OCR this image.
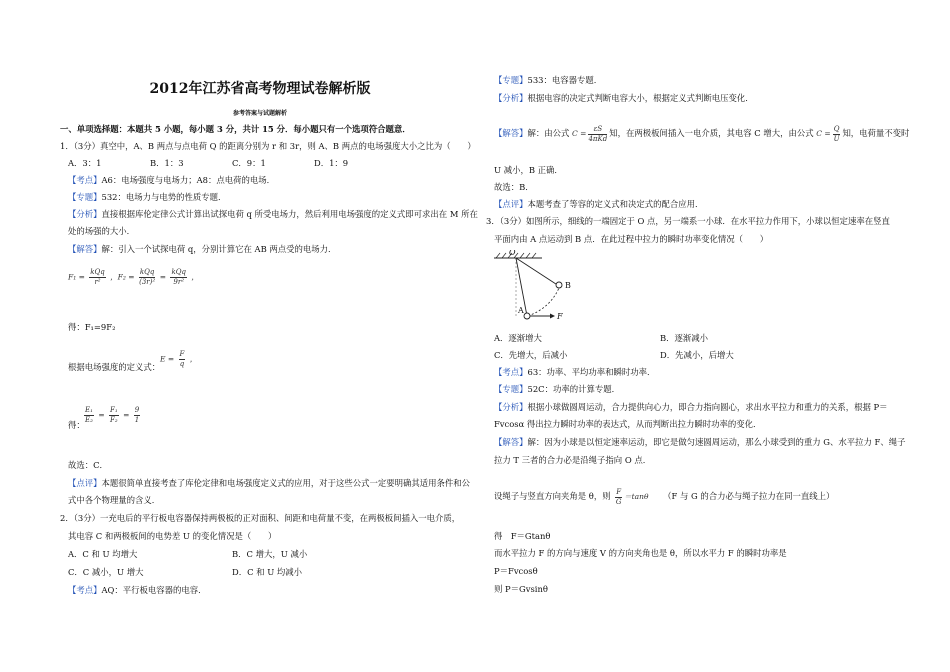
2012年江苏省高考物理试卷解析版
参考答案与试题解析
一、单项选择题：本题共 5 小题，每小题 3 分，共计 15 分．每小题只有一个选项符合题意．
1．（3分）真空中，A、B 两点与点电荷 Q 的距离分别为 r 和 3r，则 A、B 两点的电场强度大小之比为（　　）
A．3：1	B．1：3	C．9：1	D．1：9
【考点】A6：电场强度与电场力；A8：点电荷的电场．
【专题】532：电场力与电势的性质专题．
【分析】直接根据库伦定律公式计算出试探电荷 q 所受电场力，然后利用电场强度的定义式即可求出在 M 所在
处的场强的大小．
【解答】解：引入一个试探电荷 q，分别计算它在 AB 两点受的电场力．
$F_1 = \frac{\text{kQq}}{\text{r²}}$ ，$F_2 = \frac{\text{kQq}}{\text{(3r)²}} = \frac{\text{kQq}}{\text{9r²}}$ ，
得：F₁=9F₂
根据电场强度的定义式：
$E = \frac{F}{q}$ ，
$\frac{\text{E₁}}{\text{E₂}} = \frac{\text{F₁}}{\text{F₂}} = \frac{9}{1}$
得：
故选：C．
【点评】本题很简单直接考查了库伦定律和电场强度定义式的应用，对于这些公式一定要明确其适用条件和公
式中各个物理量的含义．
2．（3分）一充电后的平行板电容器保持两极板的正对面积、间距和电荷量不变，在两极板间插入一电介质，
其电容 C 和两极板间的电势差 U 的变化情况是（　　）
A．C 和 U 均增大	B．C 增大，U 减小
C．C 减小，U 增大	D．C 和 U 均减小
【考点】AQ：平行板电容器的电容．
【专题】533：电容器专题．
【分析】根据电容的决定式判断电容大小，根据定义式判断电压变化．
【解答】解：由公式 $C = \frac{\varepsilon S}{\text{4πKd}}$ 知，在两极板间插入一电介质，其电容 C 增大，由公式 $C = \frac{Q}{U}$ 知，电荷量不变时
U 减小，B 正确．
故选：B．
【点评】本题考查了等容的定义式和决定式的配合应用．
3．（3分）如图所示，细线的一端固定于 O 点，另一端系一小球．在水平拉力作用下，小球以恒定速率在竖直
平面内由 A 点运动到 B 点．在此过程中拉力的瞬时功率变化情况（　　）
O
B
A
F
A．逐渐增大	B．逐渐减小
C．先增大，后减小	D．先减小，后增大
【考点】63：功率、平均功率和瞬时功率．
【专题】52C：功率的计算专题．
【分析】根据小球做圆周运动，合力提供向心力，即合力指向圆心，求出水平拉力和重力的关系，根据 P＝
Fvcosα 得出拉力瞬时功率的表达式，从而判断出拉力瞬时功率的变化．
【解答】解：因为小球是以恒定速率运动，即它是做匀速圆周运动，那么小球受到的重力 G、水平拉力 F、绳子
拉力 T 三者的合力必是沿绳子指向 O 点．
设绳子与竖直方向夹角是 θ，则 $\frac{F}{G} =\tan\theta$ （F 与 G 的合力必与绳子拉力在同一直线上）
得　F＝Gtanθ
而水平拉力 F 的方向与速度 V 的方向夹角也是 θ，所以水平力 F 的瞬时功率是
P＝Fvcosθ
则 P＝Gvsinθ
